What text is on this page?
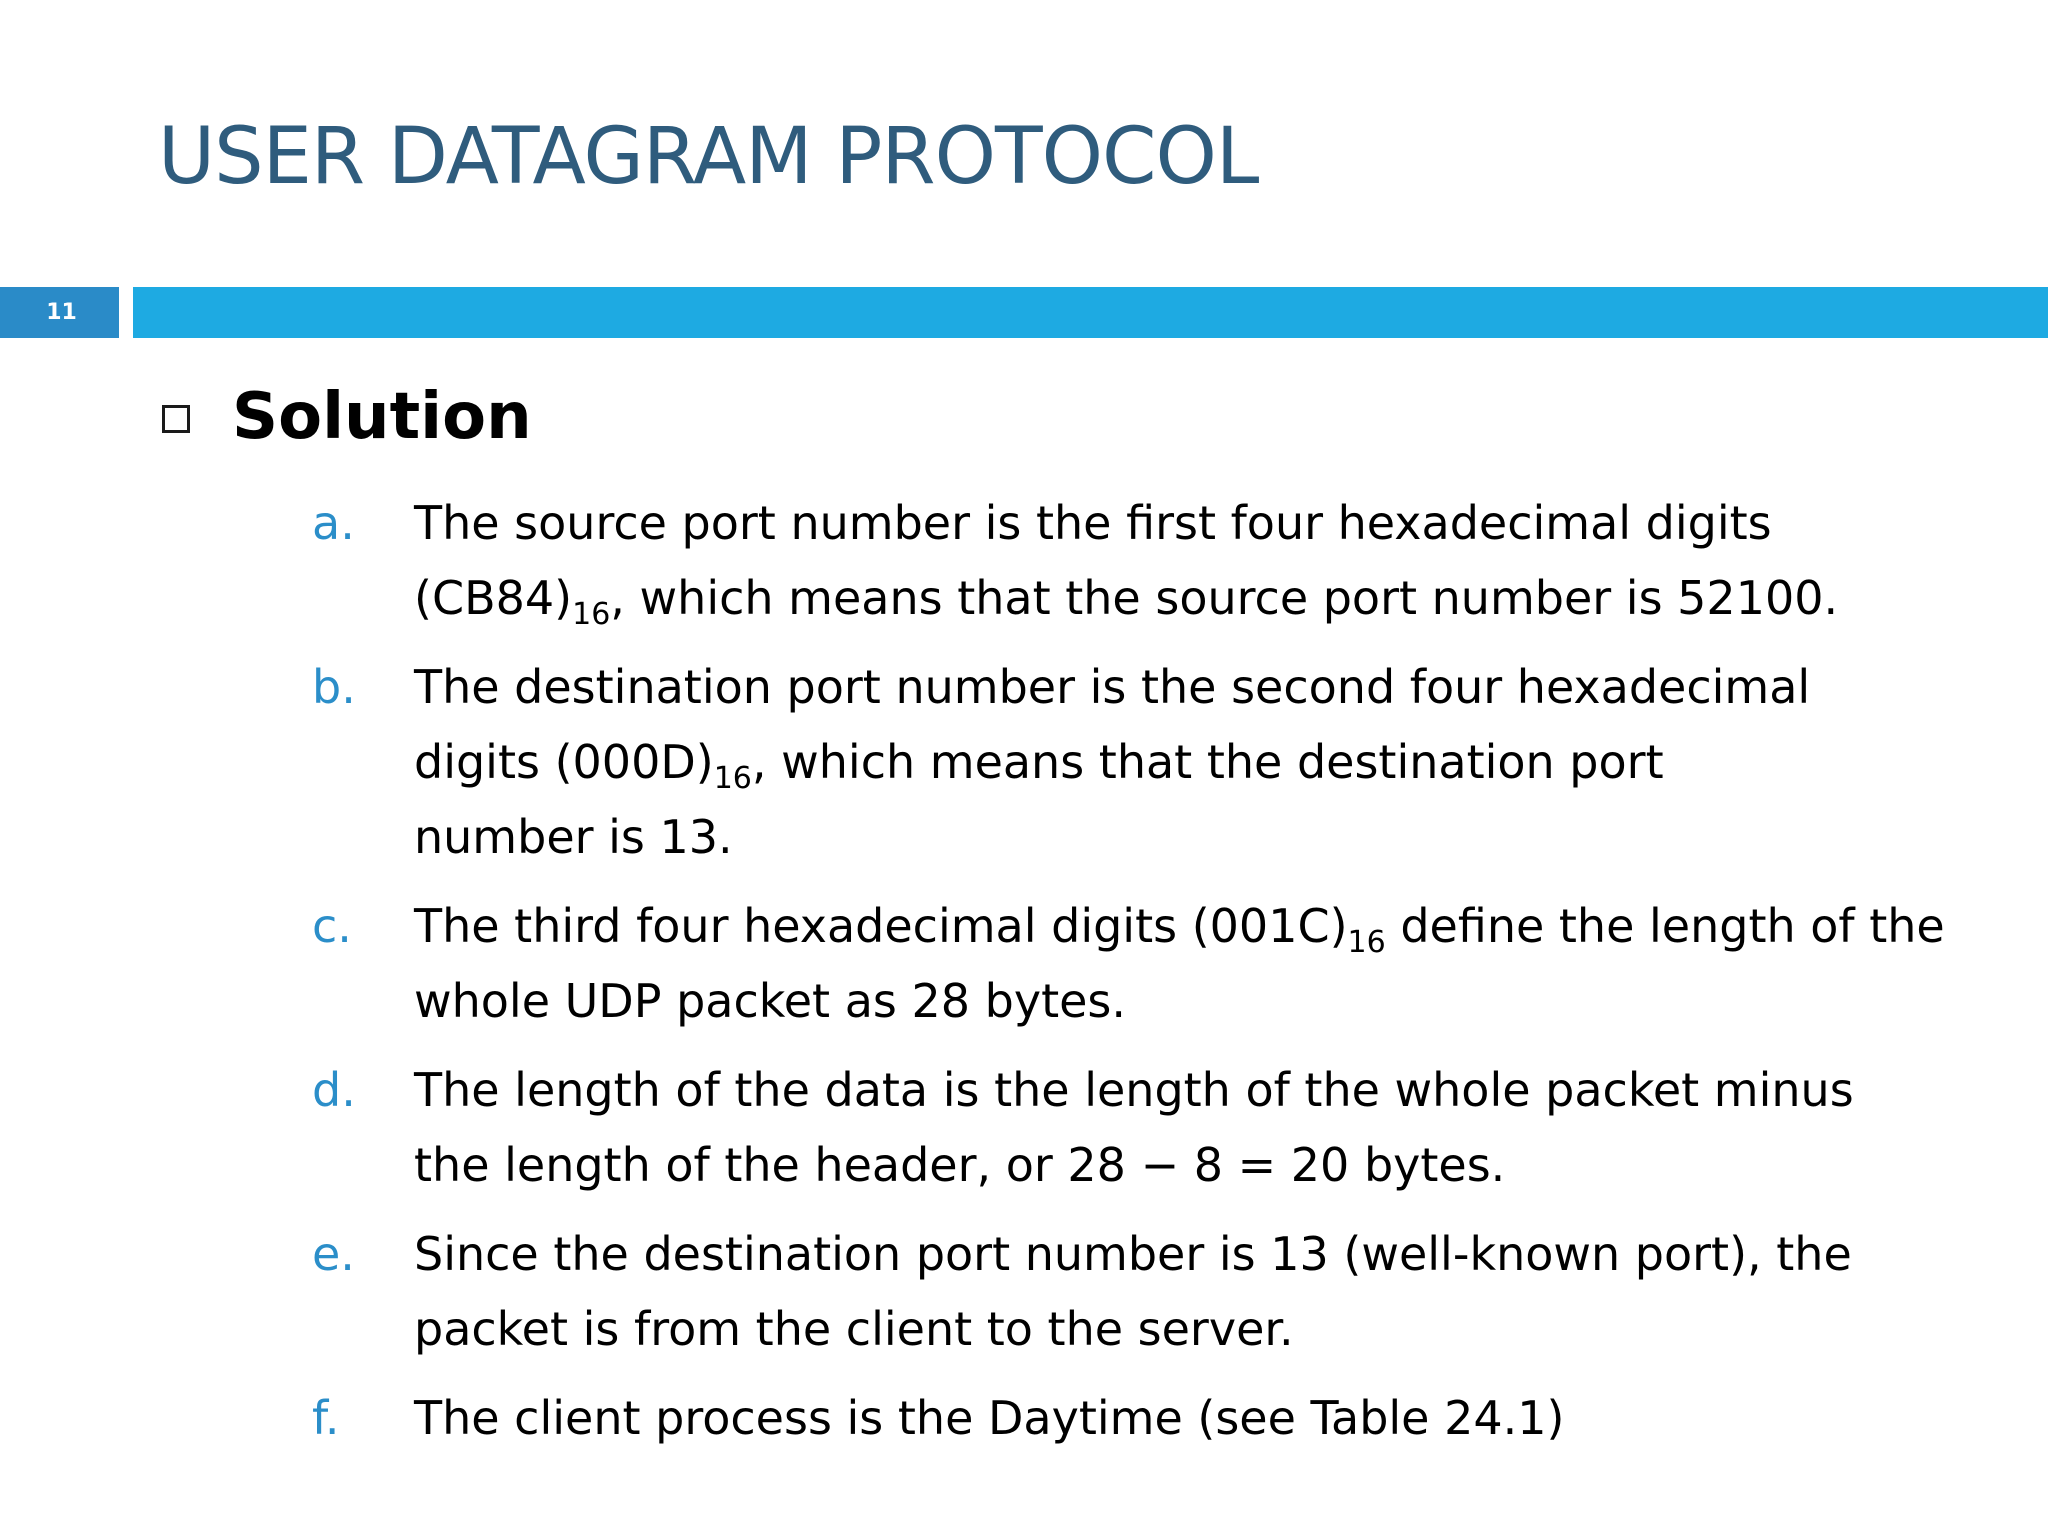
USER DATAGRAM PROTOCOL
11
Solution
a.	The source port number is the first four hexadecimal digits $(CB84)_{16}$, which means that the source port number is 52100.
b.	The destination port number is the second four hexadecimal digits $(000D)_{16}$, which means that the destination port number is 13.
c.	The third four hexadecimal digits $(001C)_{16}$ define the length of the whole UDP packet as 28 bytes.
d.	The length of the data is the length of the whole packet minus the length of the header, or 28 − 8 = 20 bytes.
e.	Since the destination port number is 13 (well-known port), the packet is from the client to the server.
f.	The client process is the Daytime (see Table 24.1)
